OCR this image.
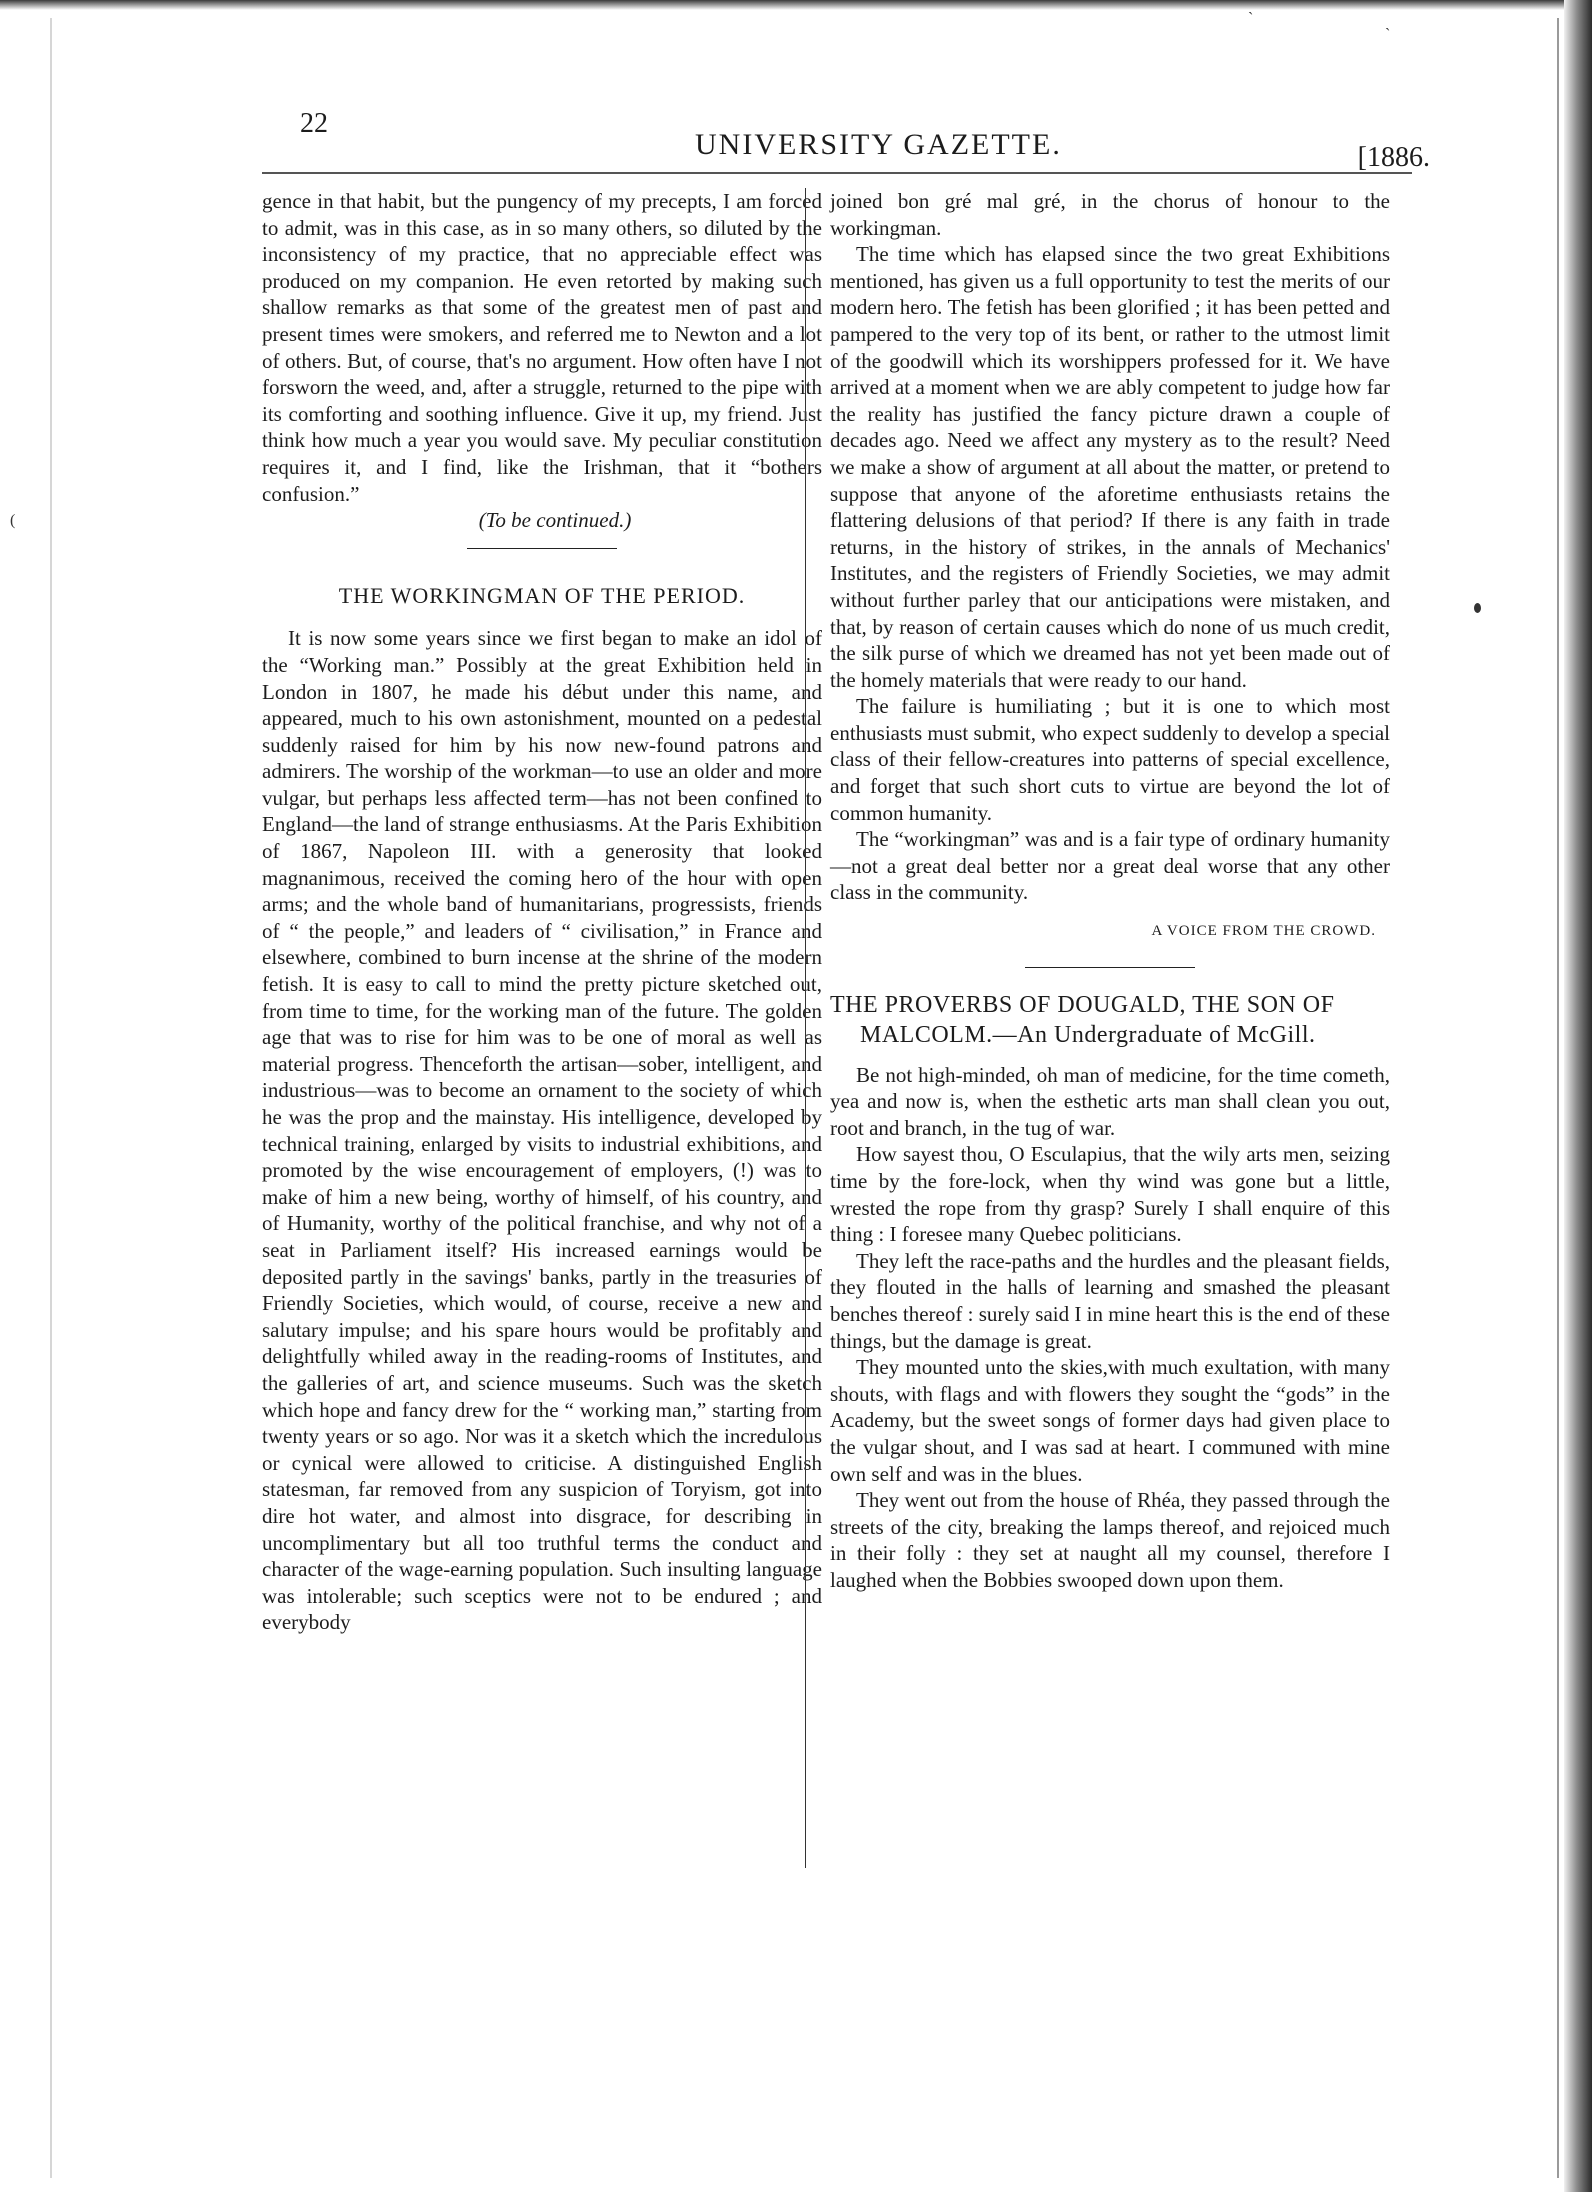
ˋ	ˎ
(
22
UNIVERSITY GAZETTE.	[1886.

gence in that habit, but the pungency of my precepts, I am forced to admit, was in this case, as in so many others, so diluted by the inconsistency of my practice, that no appreciable effect was produced on my companion. He even retorted by making such shallow remarks as that some of the greatest men of past and present times were smokers, and referred me to Newton and a lot of others. But, of course, that's no argument. How often have I not forsworn the weed, and, after a struggle, returned to the pipe with its comforting and soothing influence. Give it up, my friend. Just think how much a year you would save. My peculiar constitution requires it, and I find, like the Irishman, that it “bothers confusion.”

(To be continued.)

THE WORKINGMAN OF THE PERIOD.

It is now some years since we first began to make an idol of the “Working man.” Possibly at the great Exhibition held in London in 1807, he made his début under this name, and appeared, much to his own astonishment, mounted on a pedestal suddenly raised for him by his now new-found patrons and admirers. The worship of the workman—to use an older and more vulgar, but perhaps less affected term—has not been confined to England—the land of strange enthusiasms. At the Paris Exhibition of 1867, Napoleon III. with a generosity that looked magnanimous, received the coming hero of the hour with open arms; and the whole band of humanitarians, progressists, friends of “ the people,” and leaders of “ civilisation,” in France and elsewhere, combined to burn incense at the shrine of the modern fetish. It is easy to call to mind the pretty picture sketched out, from time to time, for the working man of the future. The golden age that was to rise for him was to be one of moral as well as material progress. Thenceforth the artisan—sober, intelligent, and industrious—was to become an ornament to the society of which he was the prop and the mainstay. His intelligence, developed by technical training, enlarged by visits to industrial exhibitions, and promoted by the wise encouragement of employers, (!) was to make of him a new being, worthy of himself, of his country, and of Humanity, worthy of the political franchise, and why not of a seat in Parliament itself? His increased earnings would be deposited partly in the savings' banks, partly in the treasuries of Friendly Societies, which would, of course, receive a new and salutary impulse; and his spare hours would be profitably and delightfully whiled away in the reading-rooms of Institutes, and the galleries of art, and science museums. Such was the sketch which hope and fancy drew for the “ working man,” starting from twenty years or so ago. Nor was it a sketch which the incredulous or cynical were allowed to criticise. A distinguished English statesman, far removed from any suspicion of Toryism, got into dire hot water, and almost into disgrace, for describing in uncomplimentary but all too truthful terms the conduct and character of the wage-earning population. Such insulting language was intolerable; such sceptics were not to be endured ; and everybody

joined bon gré mal gré, in the chorus of honour to the workingman.

The time which has elapsed since the two great Exhibitions mentioned, has given us a full opportunity to test the merits of our modern hero. The fetish has been glorified ; it has been petted and pampered to the very top of its bent, or rather to the utmost limit of the goodwill which its worshippers professed for it. We have arrived at a moment when we are ably competent to judge how far the reality has justified the fancy picture drawn a couple of decades ago. Need we affect any mystery as to the result? Need we make a show of argument at all about the matter, or pretend to suppose that anyone of the aforetime enthusiasts retains the flattering delusions of that period? If there is any faith in trade returns, in the history of strikes, in the annals of Mechanics' Institutes, and the registers of Friendly Societies, we may admit without further parley that our anticipations were mistaken, and that, by reason of certain causes which do none of us much credit, the silk purse of which we dreamed has not yet been made out of the homely materials that were ready to our hand.

The failure is humiliating ; but it is one to which most enthusiasts must submit, who expect suddenly to develop a special class of their fellow-creatures into patterns of special excellence, and forget that such short cuts to virtue are beyond the lot of common humanity.

The “workingman” was and is a fair type of ordinary humanity—not a great deal better nor a great deal worse that any other class in the community.

A VOICE FROM THE CROWD.
THE PROVERBS OF DOUGALD, THE SON OF
MALCOLM.—An Undergraduate of McGill.

Be not high-minded, oh man of medicine, for the time cometh, yea and now is, when the esthetic arts man shall clean you out, root and branch, in the tug of war.

How sayest thou, O Esculapius, that the wily arts men, seizing time by the fore-lock, when thy wind was gone but a little, wrested the rope from thy grasp? Surely I shall enquire of this thing : I foresee many Quebec politicians.

They left the race-paths and the hurdles and the pleasant fields, they flouted in the halls of learning and smashed the pleasant benches thereof : surely said I in mine heart this is the end of these things, but the damage is great.

They mounted unto the skies,with much exultation, with many shouts, with flags and with flowers they sought the “gods” in the Academy, but the sweet songs of former days had given place to the vulgar shout, and I was sad at heart. I communed with mine own self and was in the blues.

They went out from the house of Rhéa, they passed through the streets of the city, breaking the lamps thereof, and rejoiced much in their folly : they set at naught all my counsel, therefore I laughed when the Bobbies swooped down upon them.
